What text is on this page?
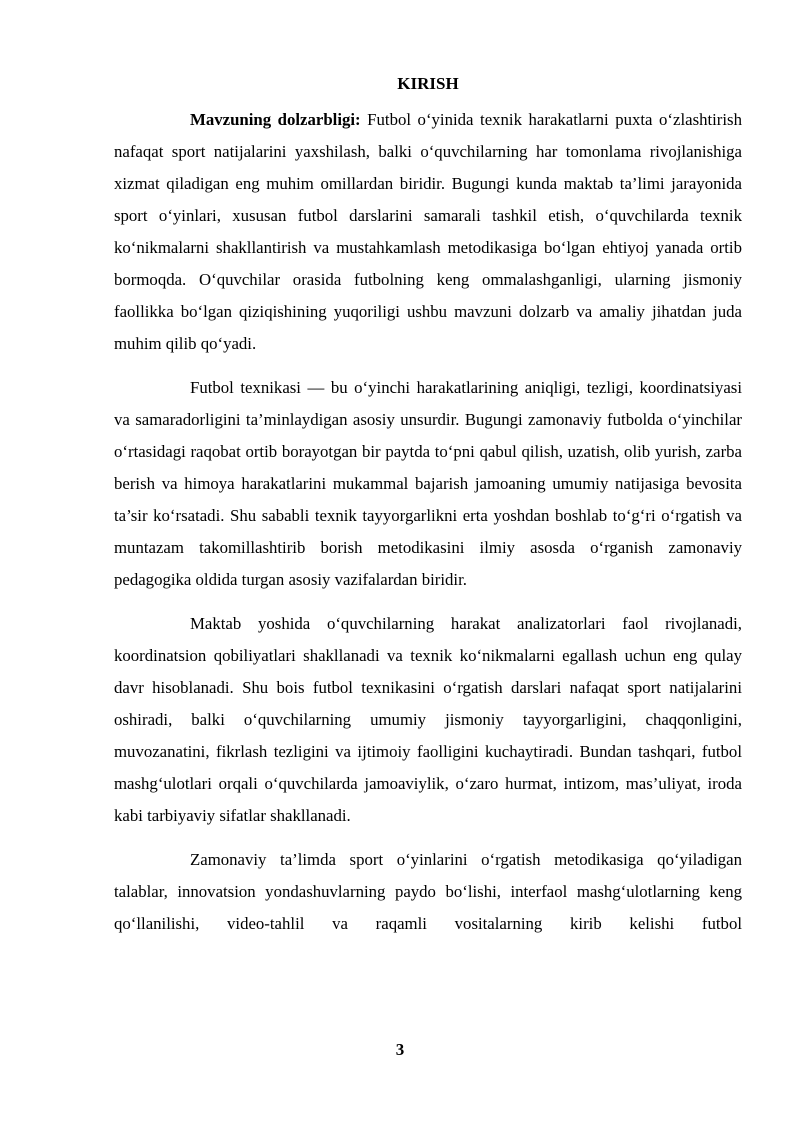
KIRISH

Mavzuning dolzarbligi: Futbol o‘yinida texnik harakatlarni puxta o‘zlashtirish nafaqat sport natijalarini yaxshilash, balki o‘quvchilarning har tomonlama rivojlanishiga xizmat qiladigan eng muhim omillardan biridir. Bugungi kunda maktab ta’limi jarayonida sport o‘yinlari, xususan futbol darslarini samarali tashkil etish, o‘quvchilarda texnik ko‘nikmalarni shakllantirish va mustahkamlash metodikasiga bo‘lgan ehtiyoj yanada ortib bormoqda. O‘quvchilar orasida futbolning keng ommalashganligi, ularning jismoniy faollikka bo‘lgan qiziqishining yuqoriligi ushbu mavzuni dolzarb va amaliy jihatdan juda muhim qilib qo‘yadi.

Futbol texnikasi — bu o‘yinchi harakatlarining aniqligi, tezligi, koordinatsiyasi va samaradorligini ta’minlaydigan asosiy unsurdir. Bugungi zamonaviy futbolda o‘yinchilar o‘rtasidagi raqobat ortib borayotgan bir paytda to‘pni qabul qilish, uzatish, olib yurish, zarba berish va himoya harakatlarini mukammal bajarish jamoaning umumiy natijasiga bevosita ta’sir ko‘rsatadi. Shu sababli texnik tayyorgarlikni erta yoshdan boshlab to‘g‘ri o‘rgatish va muntazam takomillashtirib borish metodikasini ilmiy asosda o‘rganish zamonaviy pedagogika oldida turgan asosiy vazifalardan biridir.

Maktab yoshida o‘quvchilarning harakat analizatorlari faol rivojlanadi, koordinatsion qobiliyatlari shakllanadi va texnik ko‘nikmalarni egallash uchun eng qulay davr hisoblanadi. Shu bois futbol texnikasini o‘rgatish darslari nafaqat sport natijalarini oshiradi, balki o‘quvchilarning umumiy jismoniy tayyorgarligini, chaqqonligini, muvozanatini, fikrlash tezligini va ijtimoiy faolligini kuchaytiradi. Bundan tashqari, futbol mashg‘ulotlari orqali o‘quvchilarda jamoaviylik, o‘zaro hurmat, intizom, mas’uliyat, iroda kabi tarbiyaviy sifatlar shakllanadi.

Zamonaviy ta’limda sport o‘yinlarini o‘rgatish metodikasiga qo‘yiladigan talablar, innovatsion yondashuvlarning paydo bo‘lishi, interfaol mashg‘ulotlarning keng qo‘llanilishi, video-tahlil va raqamli vositalarning kirib kelishi futbol

3
